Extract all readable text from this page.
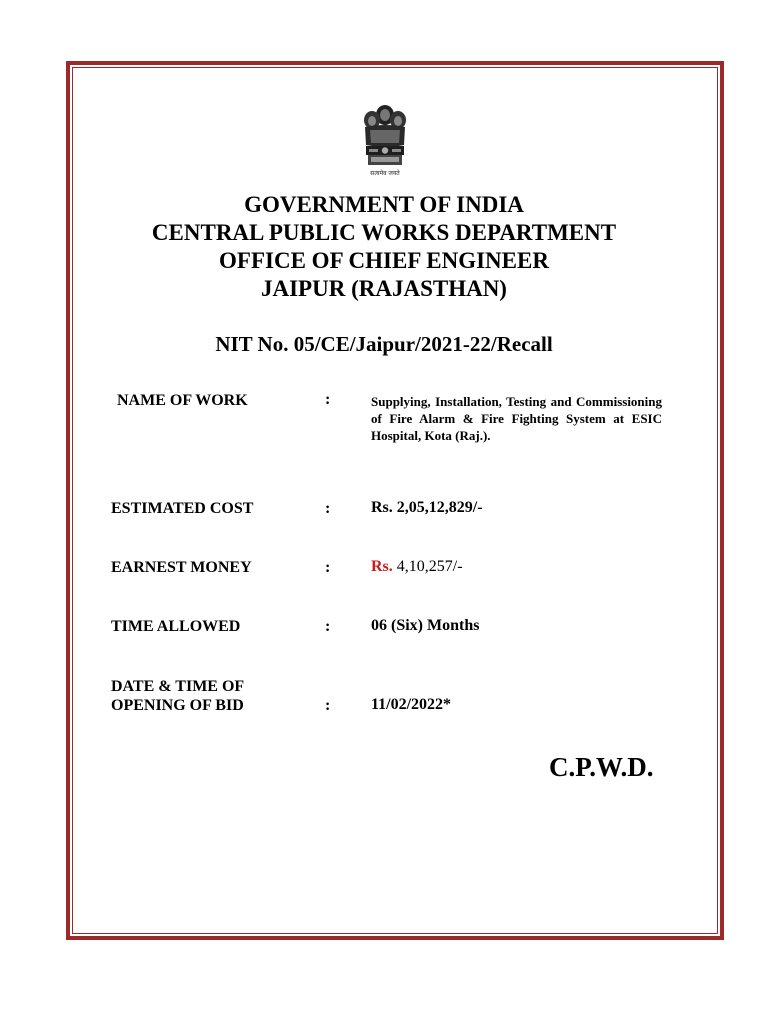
सत्यमेव जयते
GOVERNMENT OF INDIA
CENTRAL PUBLIC WORKS DEPARTMENT
OFFICE OF CHIEF ENGINEER
JAIPUR (RAJASTHAN)
NIT No. 05/CE/Jaipur/2021-22/Recall
NAME OF WORK	:	Supplying, Installation, Testing and Commissioning of Fire Alarm & Fire Fighting System at ESIC Hospital, Kota (Raj.).
ESTIMATED COST	:	Rs. 2,05,12,829/-
EARNEST MONEY	:	Rs. 4,10,257/-
TIME ALLOWED	:	06 (Six) Months
DATE & TIME OF
OPENING OF BID	:	11/02/2022*
C.P.W.D.
